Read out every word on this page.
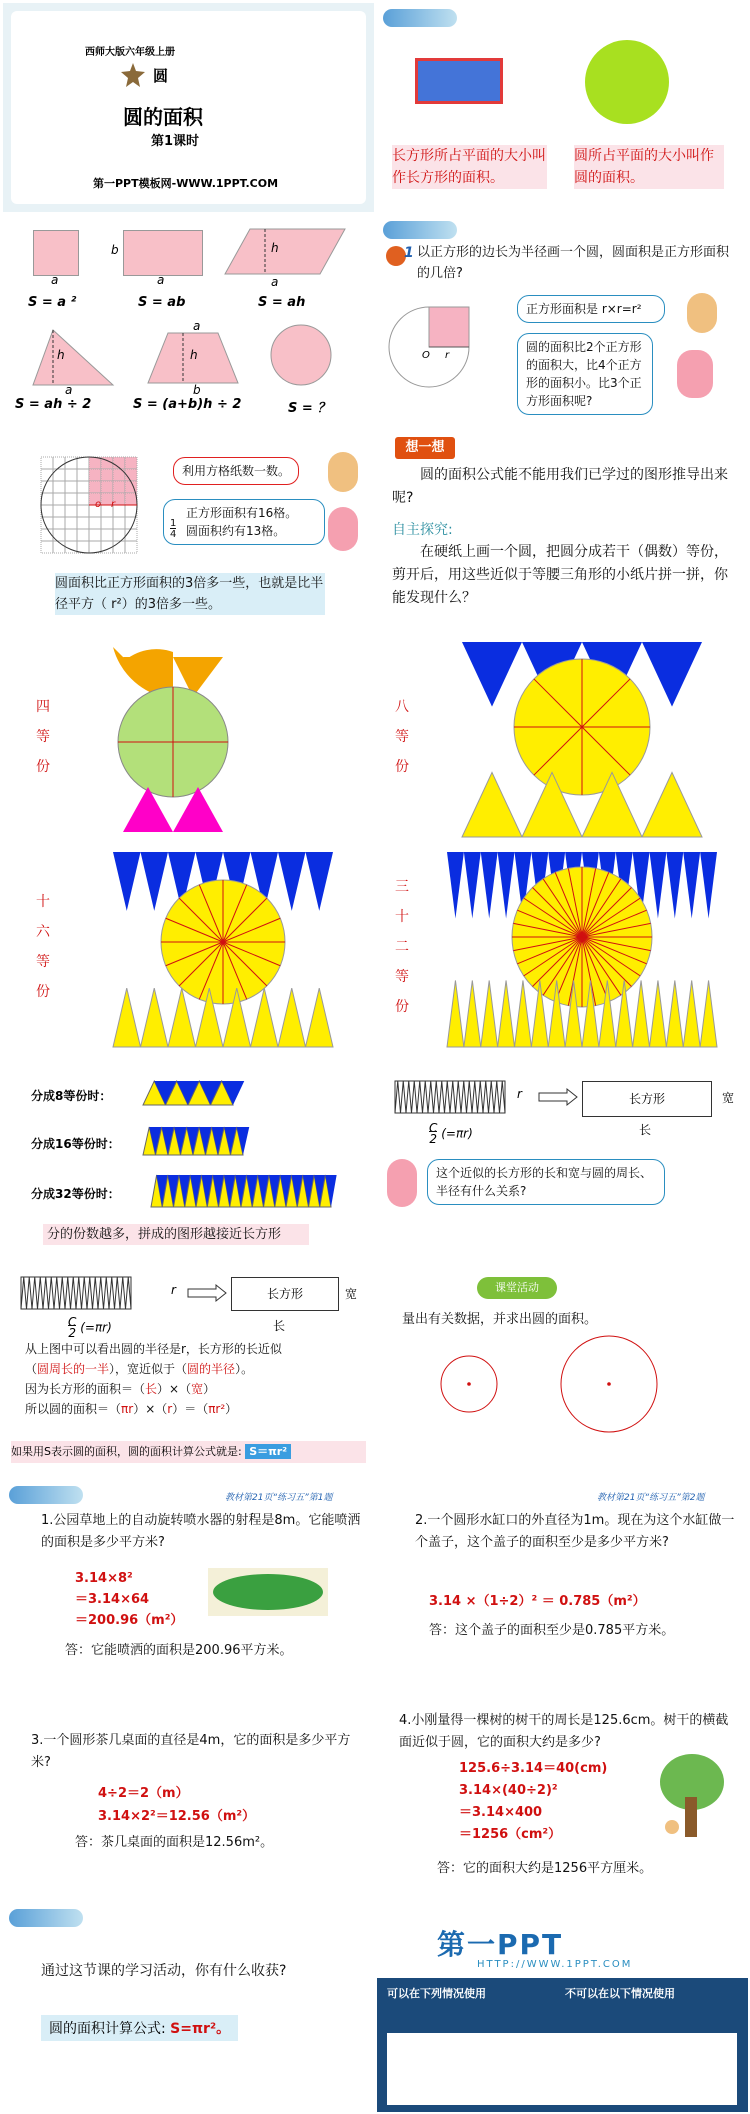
西师大版六年级上册
圆
圆的面积
第1课时
第一PPT模板网-WWW.1PPT.COM
长方形所占平面的大小叫作长方形的面积。
圆所占平面的大小叫作圆的面积。
a
b
a
h
a
S = a ²	S = ab	S = ah
h
a
a
h
b
S = ah ÷ 2	S = (a+b)h ÷ 2	S = ？
1 以正方形的边长为半径画一个圆，圆面积是正方形面积的几倍?
O r
正方形面积是 r×r=r²
圆的面积比2个正方形的面积大，比4个正方形的面积小。比3个正方形面积呢?
o r
利用方格纸数一数。
正方形面积有16格。
圆面积约有13格。
1
4
圆面积比正方形面积的3倍多一些，也就是比半径平方（ r²）的3倍多一些。
想一想
圆的面积公式能不能用我们已学过的图形推导出来呢?
自主探究:
在硬纸上画一个圆，把圆分成若干（偶数）等份，剪开后，用这些近似于等腰三角形的小纸片拼一拼，你能发现什么？
四
等
份
八
等
份
十
六
等
份
三
十
二
等
份
分成8等份时：
分成16等份时：
分成32等份时：
分的份数越多，拼成的图形越接近长方形
r
C
2 (=πr)
长方形	宽
长
这个近似的长方形的长和宽与圆的周长、半径有什么关系?
r
C
2 (=πr)
长方形	宽
长
从上图中可以看出圆的半径是r，长方形的长近似
（圆周长的一半），宽近似于（圆的半径）。
因为长方形的面积＝（长）×（宽）
所以圆的面积＝（πr）×（r）＝（πr²）
如果用S表示圆的面积，圆的面积计算公式就是: S＝πr²
课堂活动
量出有关数据，并求出圆的面积。
教材第21页“练习五”第1题
1.公园草地上的自动旋转喷水器的射程是8m。它能喷洒的面积是多少平方米?
3.14×8²
＝3.14×64
＝200.96（m²）
答：它能喷洒的面积是200.96平方米。
教材第21页“练习五”第2题
2.一个圆形水缸口的外直径为1m。现在为这个水缸做一个盖子，这个盖子的面积至少是多少平方米?
3.14 ×（1÷2）² ＝ 0.785（m²）
答：这个盖子的面积至少是0.785平方米。
3.一个圆形茶几桌面的直径是4m，它的面积是多少平方米?
4÷2＝2（m）
3.14×2²＝12.56（m²）
答：茶几桌面的面积是12.56m²。
4.小刚量得一棵树的树干的周长是125.6cm。树干的横截面近似于圆，它的面积大约是多少?
125.6÷3.14＝40(cm)
3.14×(40÷2)²
＝3.14×400
＝1256（cm²）
答：它的面积大约是1256平方厘米。
通过这节课的学习活动，你有什么收获?
圆的面积计算公式: S=πr²。
第一PPT
HTTP://WWW.1PPT.COM
可以在下列情况使用	不可以在以下情况使用
